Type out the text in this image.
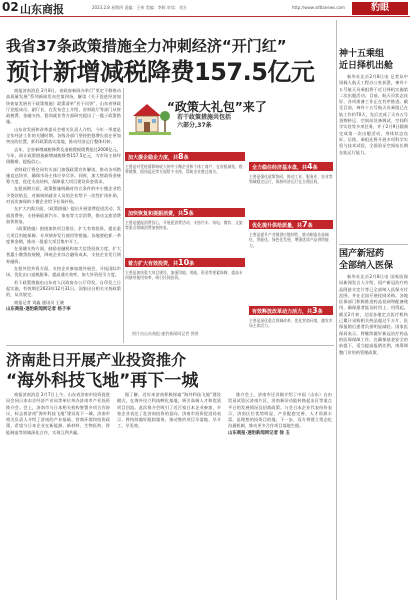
02 山东商报	2023.2.8 星期四 责编：王伟 美编：李辉 审读：刘方	http://www.sdtlanews.com	豹眼
我省37条政策措施全力冲刺经济“开门红”
预计新增减税降费157.5亿元

商报济南消息 2月8日，省政府新闻办举行“坚定不移推动高质量发展”系列新闻发布会第四场。解读《关于促进经济加快恢复发展若干政策措施》政策清单“若干问答”，山东省财政厅党组成员、副厅长，在发布会上介绍，省财政厅等部门从财政税费、金融支持、稳岗就业等方面研究提出了一揽子政策措施。

山东省发展和改革委员会相关负责人介绍，今年一季度是全年经济工作的关键时期。各级各部门坚持把稳增长放在更加突出的位置，抓好政策落实落地，推动经济运行整体好转。

去年，全省新增减税降费及退税缓税缓费超过2000亿元。今年，预计政策措施新增减税降费157.5亿元，为市场主体纾困解难、提振信心。

省财政厅将会同有关部门加强政策宣传解读，推动各项措施直达快享，确保市场主体应享尽享。同时，加大财政资金统筹力度，优化支出结构，保障重大项目建设资金需求。

在稳预期方面，政策措施明确对符合条件的中小微企业给予贷款贴息，对新吸纳就业人员的企业给予一次性扩岗补助。对首次参保的小微企业给予社保补贴。

在扩大内需方面，《政策措施》提出开展消费促进活动，发放消费券，支持新能源汽车、家电等大宗消费，推动文旅消费加快恢复。

《政策措施》围绕加快项目建设、扩大有效投资，提出重大项目用地保障、专项债券发行使用等措施。各地要抢抓一季度黄金期，推动一批重大项目集中开工。

在金融支持方面，鼓励金融机构加大信贷投放力度，扩大普惠小微贷款规模，降低企业综合融资成本，支持企业发行债券融资。

在稳外贸外资方面，支持企业参加境外展会，开拓国际市场，优化出口退税服务，提高通关效率，加大外资招引力度。

若干政策措施由山东省人民政府办公厅印发，自印发之日起实施，有效期至2023年12月31日。国家出台相关支持政策的，从其规定。

商报记者 刘鑫 通讯员 王晓

山东商报·速豹新闻网记者 杨子李

“政策大礼包”来了
若干政策措施共包括
六部分,37条
加大援企稳企力度，共8条
主要是对受疫情影响较大的中小微企业和个体工商户，在房租减免、税费缓缴、稳岗返还等方面给予支持，帮助企业渡过难关。
全力稳住经济基本盘，共4条
主要是强化政策协同，推动工业、服务业、农业等领域稳定运行，保持经济运行在合理区间。
加快恢复和提振消费，共5条
主要是提振消费信心，开展促消费活动，支持汽车、家电、餐饮、文旅等重点领域消费加快恢复。	优化提升供给质量，共7条
主要是提升产业链供应链韧性，推动制造业高端化、智能化、绿色化发展，增强优质产品供给能力。
着力扩大有效投资，共10条
主要是加快重大项目建设，加强用地、用能、资金等要素保障，提高专项债券使用效率，吸引民间投资。
有效释放改革动力活力，共3条
主要是深化重点领域改革，优化营商环境，激发市场主体活力。
图片由山东商报·速豹新闻网记者 供图
神十五乘组
近日择机出舱

新华社北京2月8日电 记者从中国载人航天工程办公室获悉，神舟十五号航天员乘组将于近日择机实施第二次出舱活动。目前，航天员状态良好，各项准备工作正在有序推进。截至目前，神舟十五号航天员乘组已在轨工作约70天，先后完成了天舟五号货物转运、空间站设备调试、空间科学实验等多项任务，并于2月9日圆满完成第一次出舱活动，身体状态良好。后续，乘组还将开展多项科学实验与技术试验，全面验证空间站长期在轨运行能力。

国产新冠药
全部纳入医保

新华社北京2月8日电 国家医保局新闻发言人介绍，国产新冠治疗药品阿兹夫定片等已全部纳入医保支付范围，并在全国开展挂网采购。各地医保部门积极推进药品挂网和配备使用，确保患者能及时用上、用得起。截至2月初，全国各地定点医疗机构已累计采购相关药品超过千万片，医保报销后患者负担明显减轻。国家医保局表示，将继续做好新冠治疗药品的医保保障工作，在确保基金安全的前提下，适当提高报销比例，统筹调整门诊用药管理政策。

济南赴日开展产业投资推介
“海外科技飞地”再下一城

商报济南消息 2月7日上午，山东省济南市投资促进局会同日本东京经济产业局等单位举办济南市产业投资推介会。会上，济南市与日本相关机构签署多项合作协议，标志着济南“海外科技飞地”建设再下一城。济南市相关负责人介绍了济南的产业基础、营商环境和投资政策，希望与日本企业在新能源、新材料、生物医药、智能制造等领域深化合作，实现互利共赢。

据了解，近年来济南积极探索“海外科技飞地”建设模式，在海外设立科技孵化基地，吸引高端人才和优质项目回流。此次推介会吸引了近百家日本企业参加，多家企业表达了赴济南投资的意向。济南市投资促进局表示，将持续做好跟踪服务，推动签约项目早落地、早开工、早见效。

推介会上，济南市还详细介绍了中国（山东）自由贸易试验区济南片区、济南新旧动能转换起步区等重点平台的发展情况及招商政策。与会日本企业代表纷纷表示，济南区位优势明显、产业配套完善、人才资源丰富，是理想的投资目的地。下一步，双方将建立常态化沟通机制，推动更多合作项目落地生根。

山东商报·速豹新闻网记者 徐 玉
